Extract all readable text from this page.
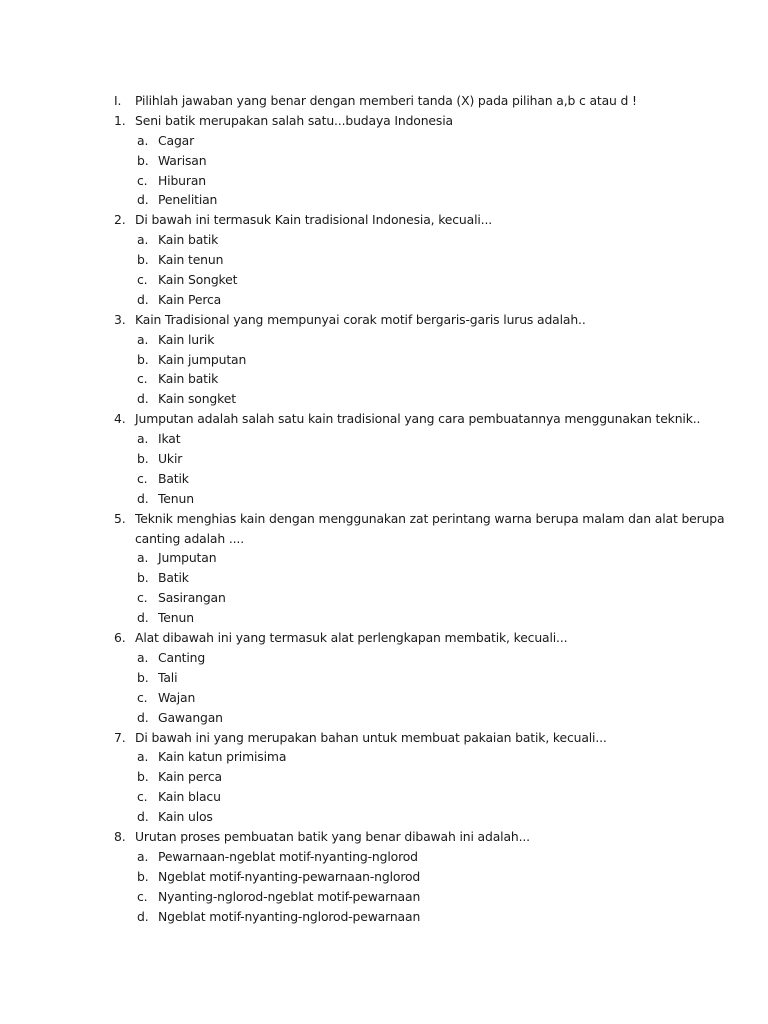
I. Pilihlah jawaban yang benar dengan memberi tanda (X) pada pilihan a,b c atau d !
1. Seni batik merupakan salah satu...budaya Indonesia
a. Cagar
b. Warisan
c. Hiburan
d. Penelitian
2. Di bawah ini termasuk Kain tradisional Indonesia, kecuali...
a. Kain batik
b. Kain tenun
c. Kain Songket
d. Kain Perca
3. Kain Tradisional yang mempunyai corak motif bergaris-garis lurus adalah..
a. Kain lurik
b. Kain jumputan
c. Kain batik
d. Kain songket
4. Jumputan adalah salah satu kain tradisional yang cara pembuatannya menggunakan teknik..
a. Ikat
b. Ukir
c. Batik
d. Tenun
5. Teknik menghias kain dengan menggunakan zat perintang warna berupa malam dan alat berupa
canting adalah ....
a. Jumputan
b. Batik
c. Sasirangan
d. Tenun
6. Alat dibawah ini yang termasuk alat perlengkapan membatik, kecuali...
a. Canting
b. Tali
c. Wajan
d. Gawangan
7. Di bawah ini yang merupakan bahan untuk membuat pakaian batik, kecuali...
a. Kain katun primisima
b. Kain perca
c. Kain blacu
d. Kain ulos
8. Urutan proses pembuatan batik yang benar dibawah ini adalah...
a. Pewarnaan-ngeblat motif-nyanting-nglorod
b. Ngeblat motif-nyanting-pewarnaan-nglorod
c. Nyanting-nglorod-ngeblat motif-pewarnaan
d. Ngeblat motif-nyanting-nglorod-pewarnaan
